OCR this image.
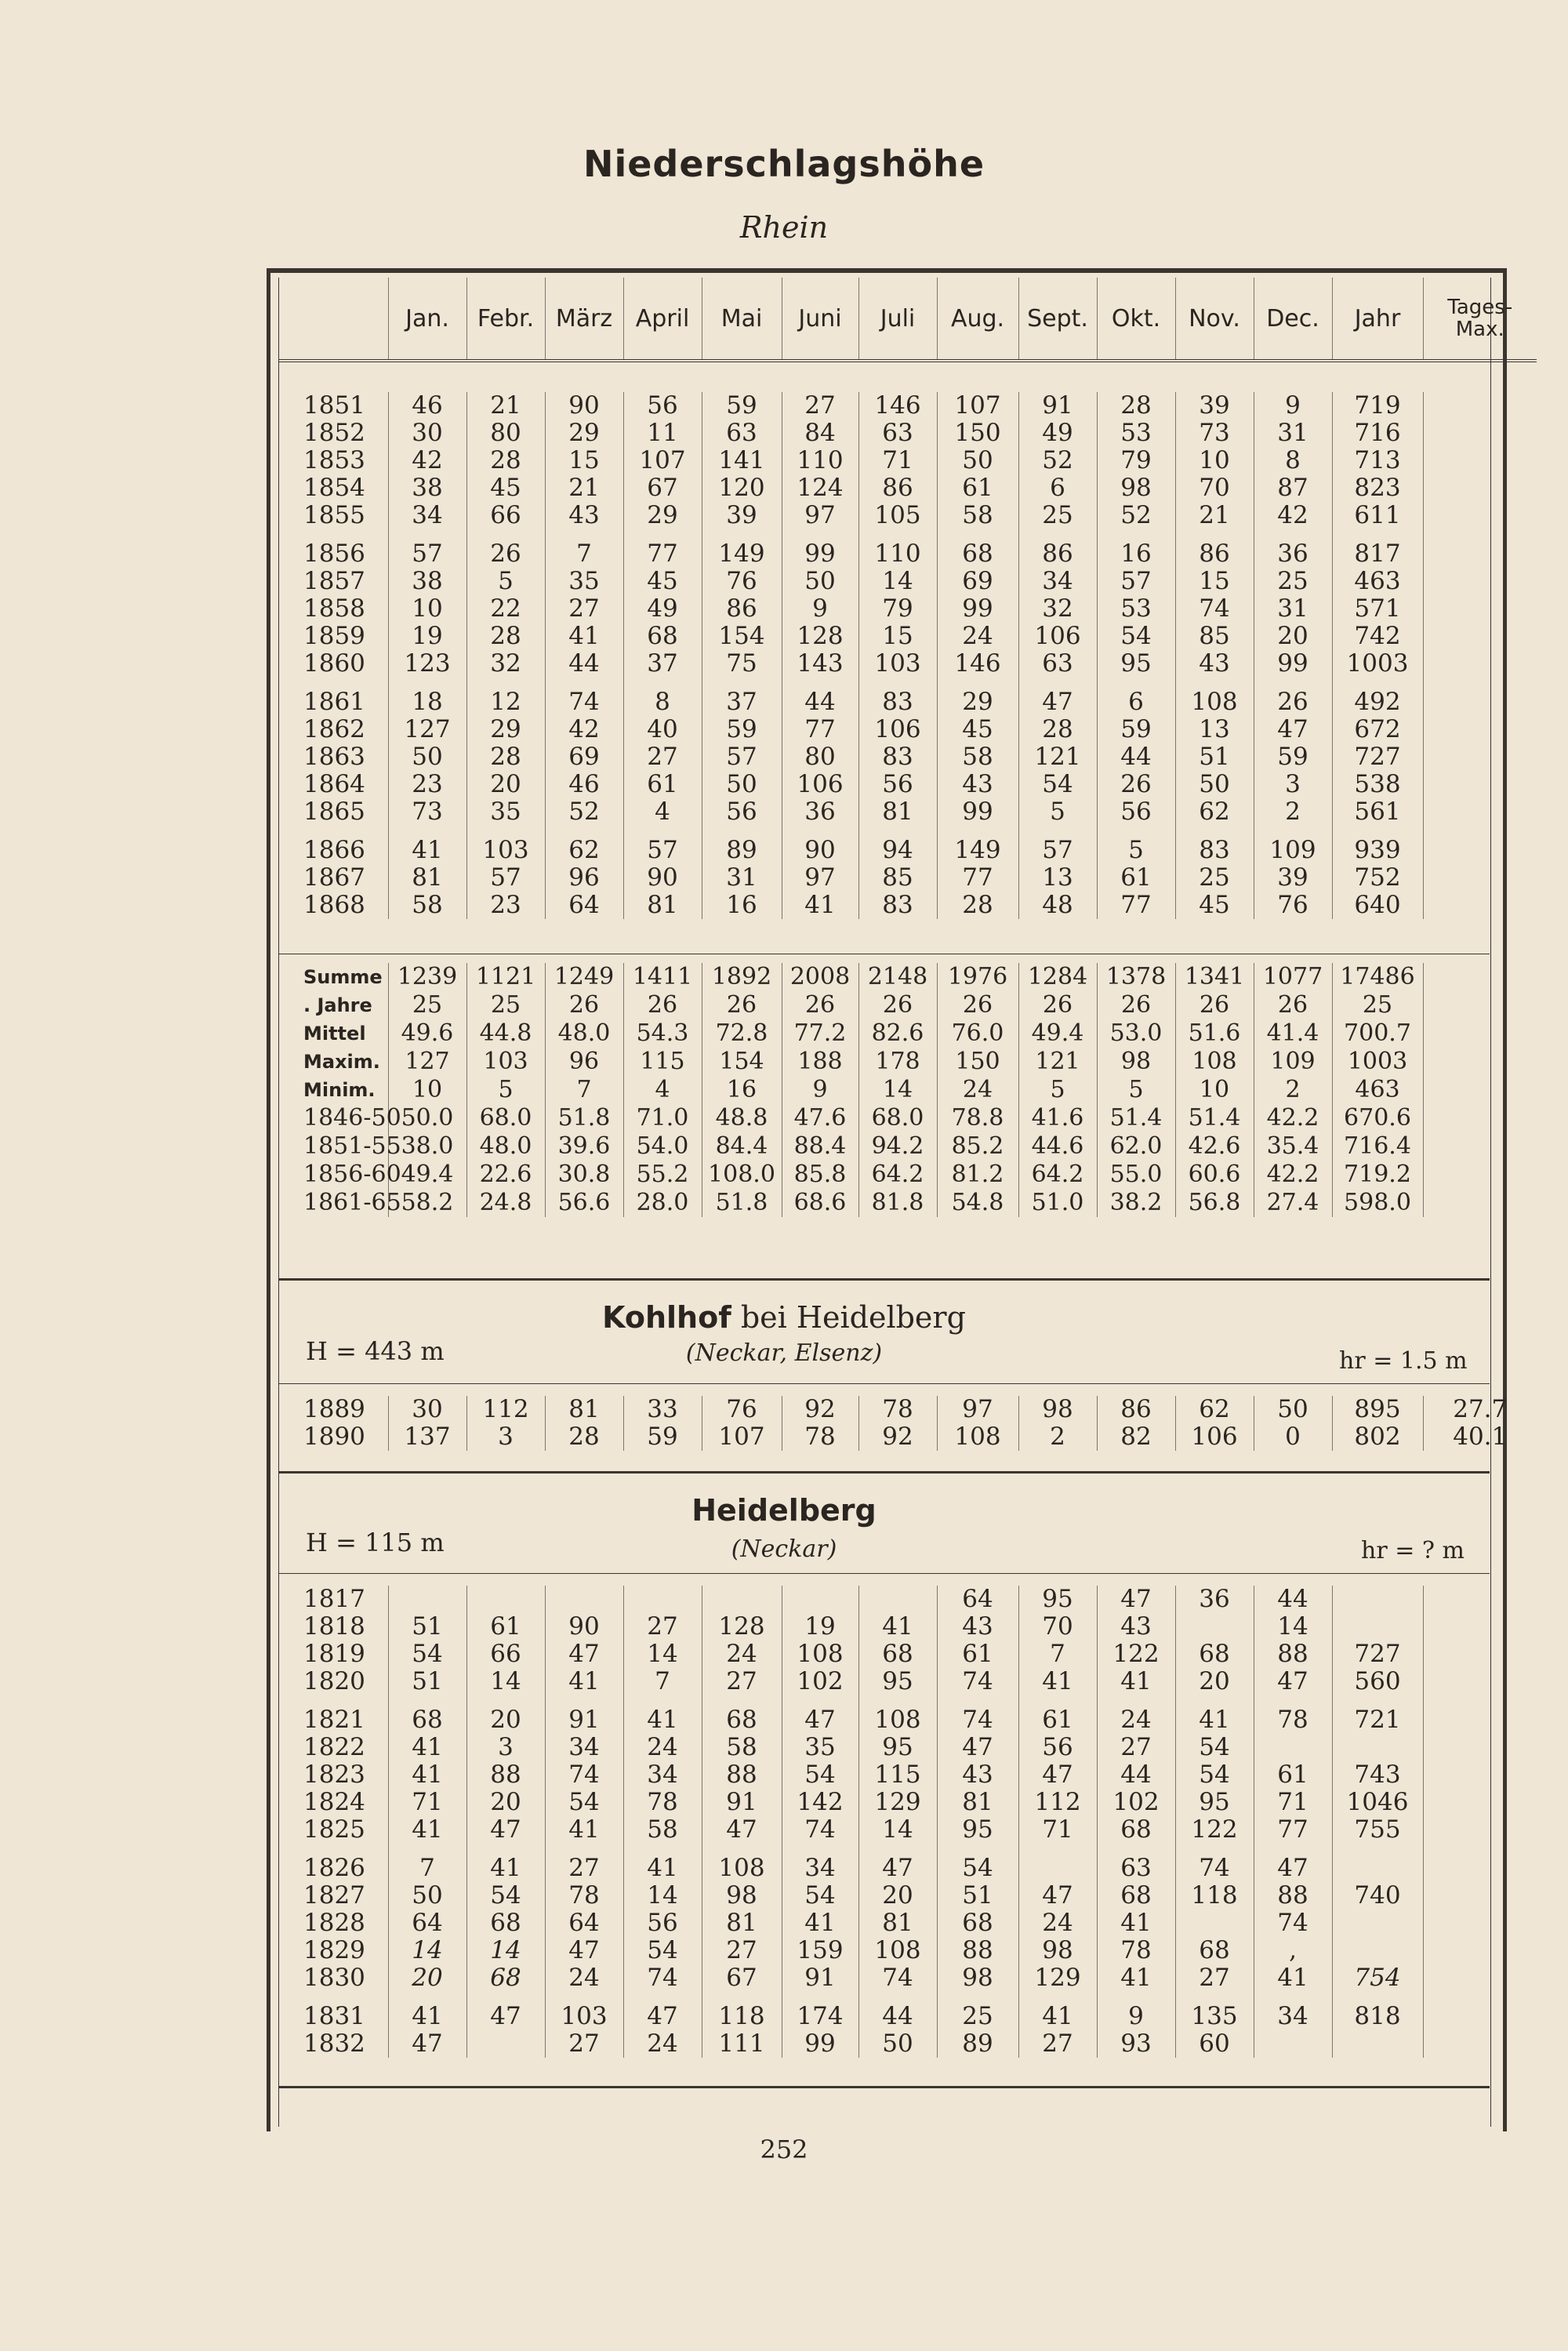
Niederschlagshöhe
Rhein
	Jan.	Febr.	März	April	Mai	Juni	Juli	Aug.	Sept.	Okt.	Nov.	Dec.	Jahr	Tages-
Max.
1851	46	21	90	56	59	27	146	107	91	28	39	9	719	
1852	30	80	29	11	63	84	63	150	49	53	73	31	716	
1853	42	28	15	107	141	110	71	50	52	79	10	8	713	
1854	38	45	21	67	120	124	86	61	6	98	70	87	823	
1855	34	66	43	29	39	97	105	58	25	52	21	42	611	
1856	57	26	7	77	149	99	110	68	86	16	86	36	817	
1857	38	5	35	45	76	50	14	69	34	57	15	25	463	
1858	10	22	27	49	86	9	79	99	32	53	74	31	571	
1859	19	28	41	68	154	128	15	24	106	54	85	20	742	
1860	123	32	44	37	75	143	103	146	63	95	43	99	1003	
1861	18	12	74	8	37	44	83	29	47	6	108	26	492	
1862	127	29	42	40	59	77	106	45	28	59	13	47	672	
1863	50	28	69	27	57	80	83	58	121	44	51	59	727	
1864	23	20	46	61	50	106	56	43	54	26	50	3	538	
1865	73	35	52	4	56	36	81	99	5	56	62	2	561	
1866	41	103	62	57	89	90	94	149	57	5	83	109	939	
1867	81	57	96	90	31	97	85	77	13	61	25	39	752	
1868	58	23	64	81	16	41	83	28	48	77	45	76	640	
Summe	1239	1121	1249	1411	1892	2008	2148	1976	1284	1378	1341	1077	17486	
. Jahre	25	25	26	26	26	26	26	26	26	26	26	26	25	
Mittel	49.6	44.8	48.0	54.3	72.8	77.2	82.6	76.0	49.4	53.0	51.6	41.4	700.7	
Maxim.	127	103	96	115	154	188	178	150	121	98	108	109	1003	
Minim.	10	5	7	4	16	9	14	24	5	5	10	2	463	
1846-50	50.0	68.0	51.8	71.0	48.8	47.6	68.0	78.8	41.6	51.4	51.4	42.2	670.6	
1851-55	38.0	48.0	39.6	54.0	84.4	88.4	94.2	85.2	44.6	62.0	42.6	35.4	716.4	
1856-60	49.4	22.6	30.8	55.2	108.0	85.8	64.2	81.2	64.2	55.0	60.6	42.2	719.2	
1861-65	58.2	24.8	56.6	28.0	51.8	68.6	81.8	54.8	51.0	38.2	56.8	27.4	598.0	
Kohlhof bei Heidelberg
(Neckar, Elsenz)
H = 443 m	hr = 1.5 m
1889	30	112	81	33	76	92	78	97	98	86	62	50	895	27.7
1890	137	3	28	59	107	78	92	108	2	82	106	0	802	40.1
Heidelberg
(Neckar)
H = 115 m	hr = ? m
1817								64	95	47	36	44		
1818	51	61	90	27	128	19	41	43	70	43		14		
1819	54	66	47	14	24	108	68	61	7	122	68	88	727	
1820	51	14	41	7	27	102	95	74	41	41	20	47	560	
1821	68	20	91	41	68	47	108	74	61	24	41	78	721	
1822	41	3	34	24	58	35	95	47	56	27	54			
1823	41	88	74	34	88	54	115	43	47	44	54	61	743	
1824	71	20	54	78	91	142	129	81	112	102	95	71	1046	
1825	41	47	41	58	47	74	14	95	71	68	122	77	755	
1826	7	41	27	41	108	34	47	54		63	74	47		
1827	50	54	78	14	98	54	20	51	47	68	118	88	740	
1828	64	68	64	56	81	41	81	68	24	41		74		
1829	14	14	47	54	27	159	108	88	98	78	68	,		
1830	20	68	24	74	67	91	74	98	129	41	27	41	754	
1831	41	47	103	47	118	174	44	25	41	9	135	34	818	
1832	47		27	24	111	99	50	89	27	93	60			
252
